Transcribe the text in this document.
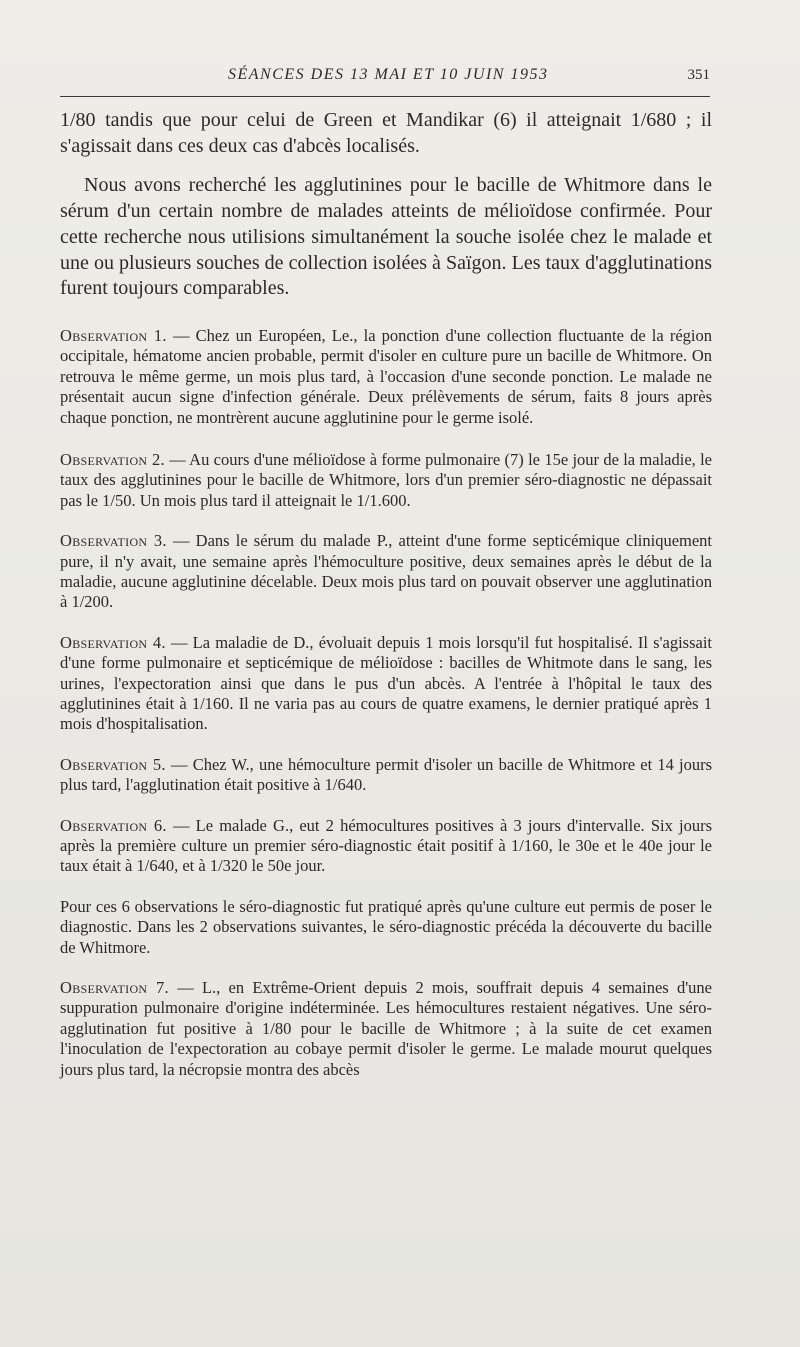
SÉANCES DES 13 MAI ET 10 JUIN 1953	351

1/80 tandis que pour celui de Green et Mandikar (6) il atteignait 1/680 ; il s'agissait dans ces deux cas d'abcès localisés.

Nous avons recherché les agglutinines pour le bacille de Whitmore dans le sérum d'un certain nombre de malades atteints de mélioïdose confirmée. Pour cette recherche nous utilisions simultanément la souche isolée chez le malade et une ou plusieurs souches de collection isolées à Saïgon. Les taux d'agglutinations furent toujours comparables.

Observation 1. — Chez un Européen, Le., la ponction d'une collection fluctuante de la région occipitale, hématome ancien probable, permit d'isoler en culture pure un bacille de Whitmore. On retrouva le même germe, un mois plus tard, à l'occasion d'une seconde ponction. Le malade ne présentait aucun signe d'infection générale. Deux prélèvements de sérum, faits 8 jours après chaque ponction, ne montrèrent aucune agglutinine pour le germe isolé.

Observation 2. — Au cours d'une mélioïdose à forme pulmonaire (7) le 15e jour de la maladie, le taux des agglutinines pour le bacille de Whitmore, lors d'un premier séro-diagnostic ne dépassait pas le 1/50. Un mois plus tard il atteignait le 1/1.600.

Observation 3. — Dans le sérum du malade P., atteint d'une forme septicémique cliniquement pure, il n'y avait, une semaine après l'hémoculture positive, deux semaines après le début de la maladie, aucune agglutinine décelable. Deux mois plus tard on pouvait observer une agglutination à 1/200.

Observation 4. — La maladie de D., évoluait depuis 1 mois lorsqu'il fut hospitalisé. Il s'agissait d'une forme pulmonaire et septicémique de mélioïdose : bacilles de Whitmote dans le sang, les urines, l'expectoration ainsi que dans le pus d'un abcès. A l'entrée à l'hôpital le taux des agglutinines était à 1/160. Il ne varia pas au cours de quatre examens, le dernier pratiqué après 1 mois d'hospitalisation.

Observation 5. — Chez W., une hémoculture permit d'isoler un bacille de Whitmore et 14 jours plus tard, l'agglutination était positive à 1/640.

Observation 6. — Le malade G., eut 2 hémocultures positives à 3 jours d'intervalle. Six jours après la première culture un premier séro-diagnostic était positif à 1/160, le 30e et le 40e jour le taux était à 1/640, et à 1/320 le 50e jour.

Pour ces 6 observations le séro-diagnostic fut pratiqué après qu'une culture eut permis de poser le diagnostic. Dans les 2 observations suivantes, le séro-diagnostic précéda la découverte du bacille de Whitmore.

Observation 7. — L., en Extrême-Orient depuis 2 mois, souffrait depuis 4 semaines d'une suppuration pulmonaire d'origine indéterminée. Les hémocultures restaient négatives. Une séro-agglutination fut positive à 1/80 pour le bacille de Whitmore ; à la suite de cet examen l'inoculation de l'expectoration au cobaye permit d'isoler le germe. Le malade mourut quelques jours plus tard, la nécropsie montra des abcès
